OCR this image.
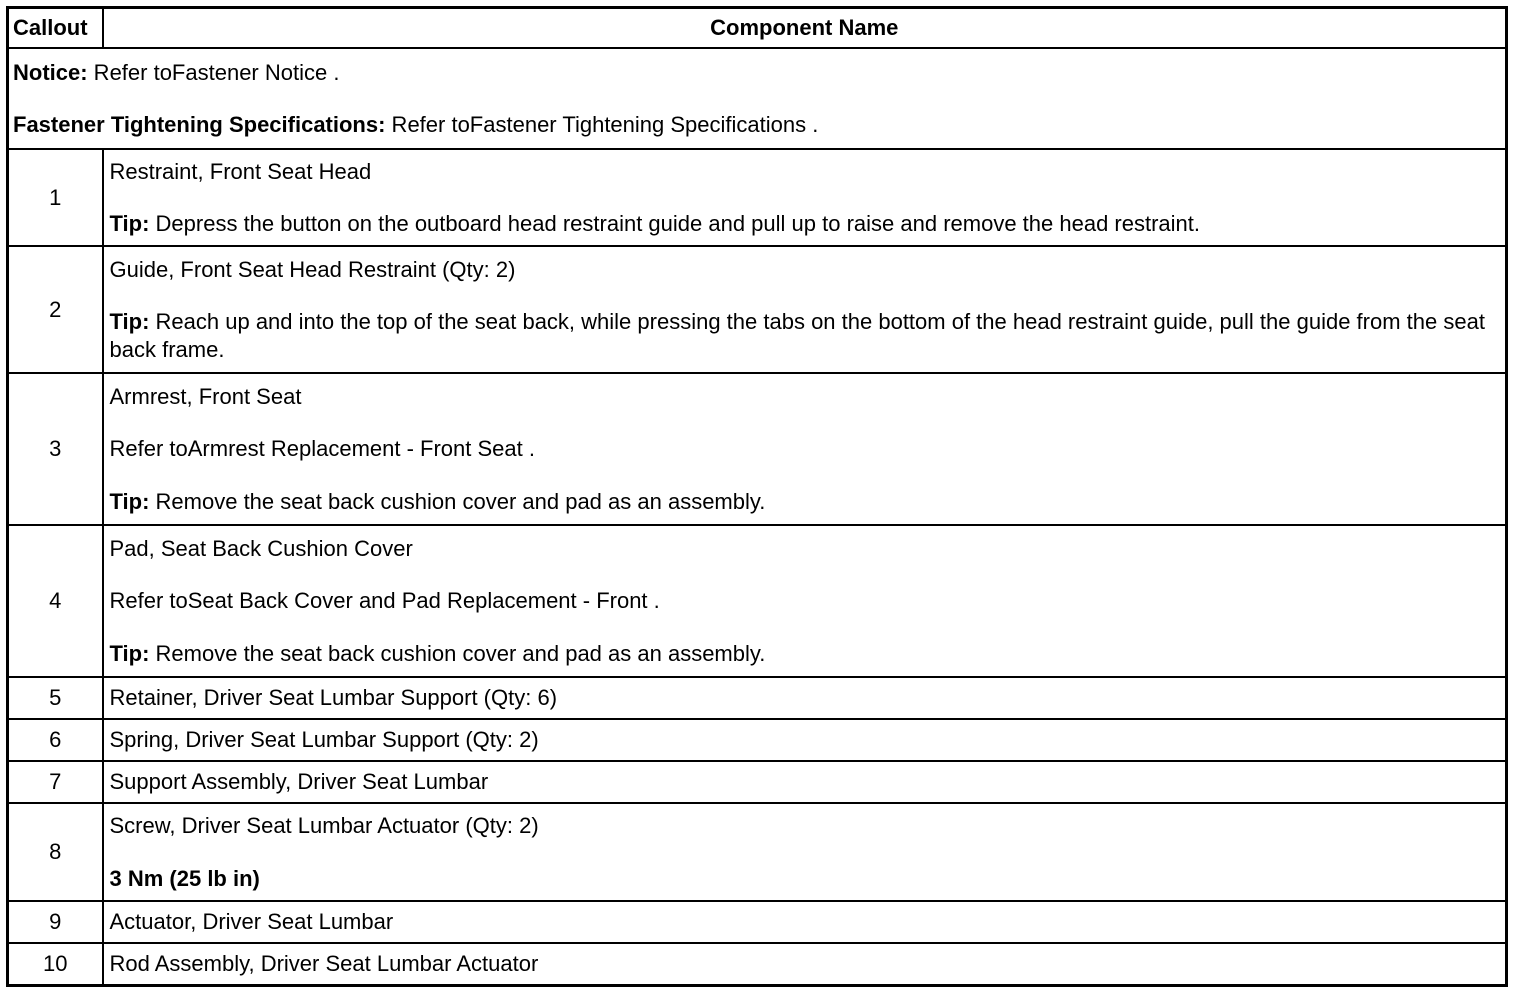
Callout	Component Name

Notice: Refer toFastener Notice .

Fastener Tightening Specifications: Refer toFastener Tightening Specifications .	

1	Restraint, Front Seat Head

Tip: Depress the button on the outboard head restraint guide and pull up to raise and remove the head restraint.

2	Guide, Front Seat Head Restraint (Qty: 2)

Tip: Reach up and into the top of the seat back, while pressing the tabs on the bottom of the head restraint guide, pull the guide from the seat back frame.

3	Armrest, Front Seat

Refer toArmrest Replacement - Front Seat .

Tip: Remove the seat back cushion cover and pad as an assembly.

4	Pad, Seat Back Cushion Cover

Refer toSeat Back Cover and Pad Replacement - Front .

Tip: Remove the seat back cushion cover and pad as an assembly.

5	Retainer, Driver Seat Lumbar Support (Qty: 6)
6	Spring, Driver Seat Lumbar Support (Qty: 2)
7	Support Assembly, Driver Seat Lumbar
8	Screw, Driver Seat Lumbar Actuator (Qty: 2)

3 Nm (25 lb in)

9	Actuator, Driver Seat Lumbar
10	Rod Assembly, Driver Seat Lumbar Actuator
